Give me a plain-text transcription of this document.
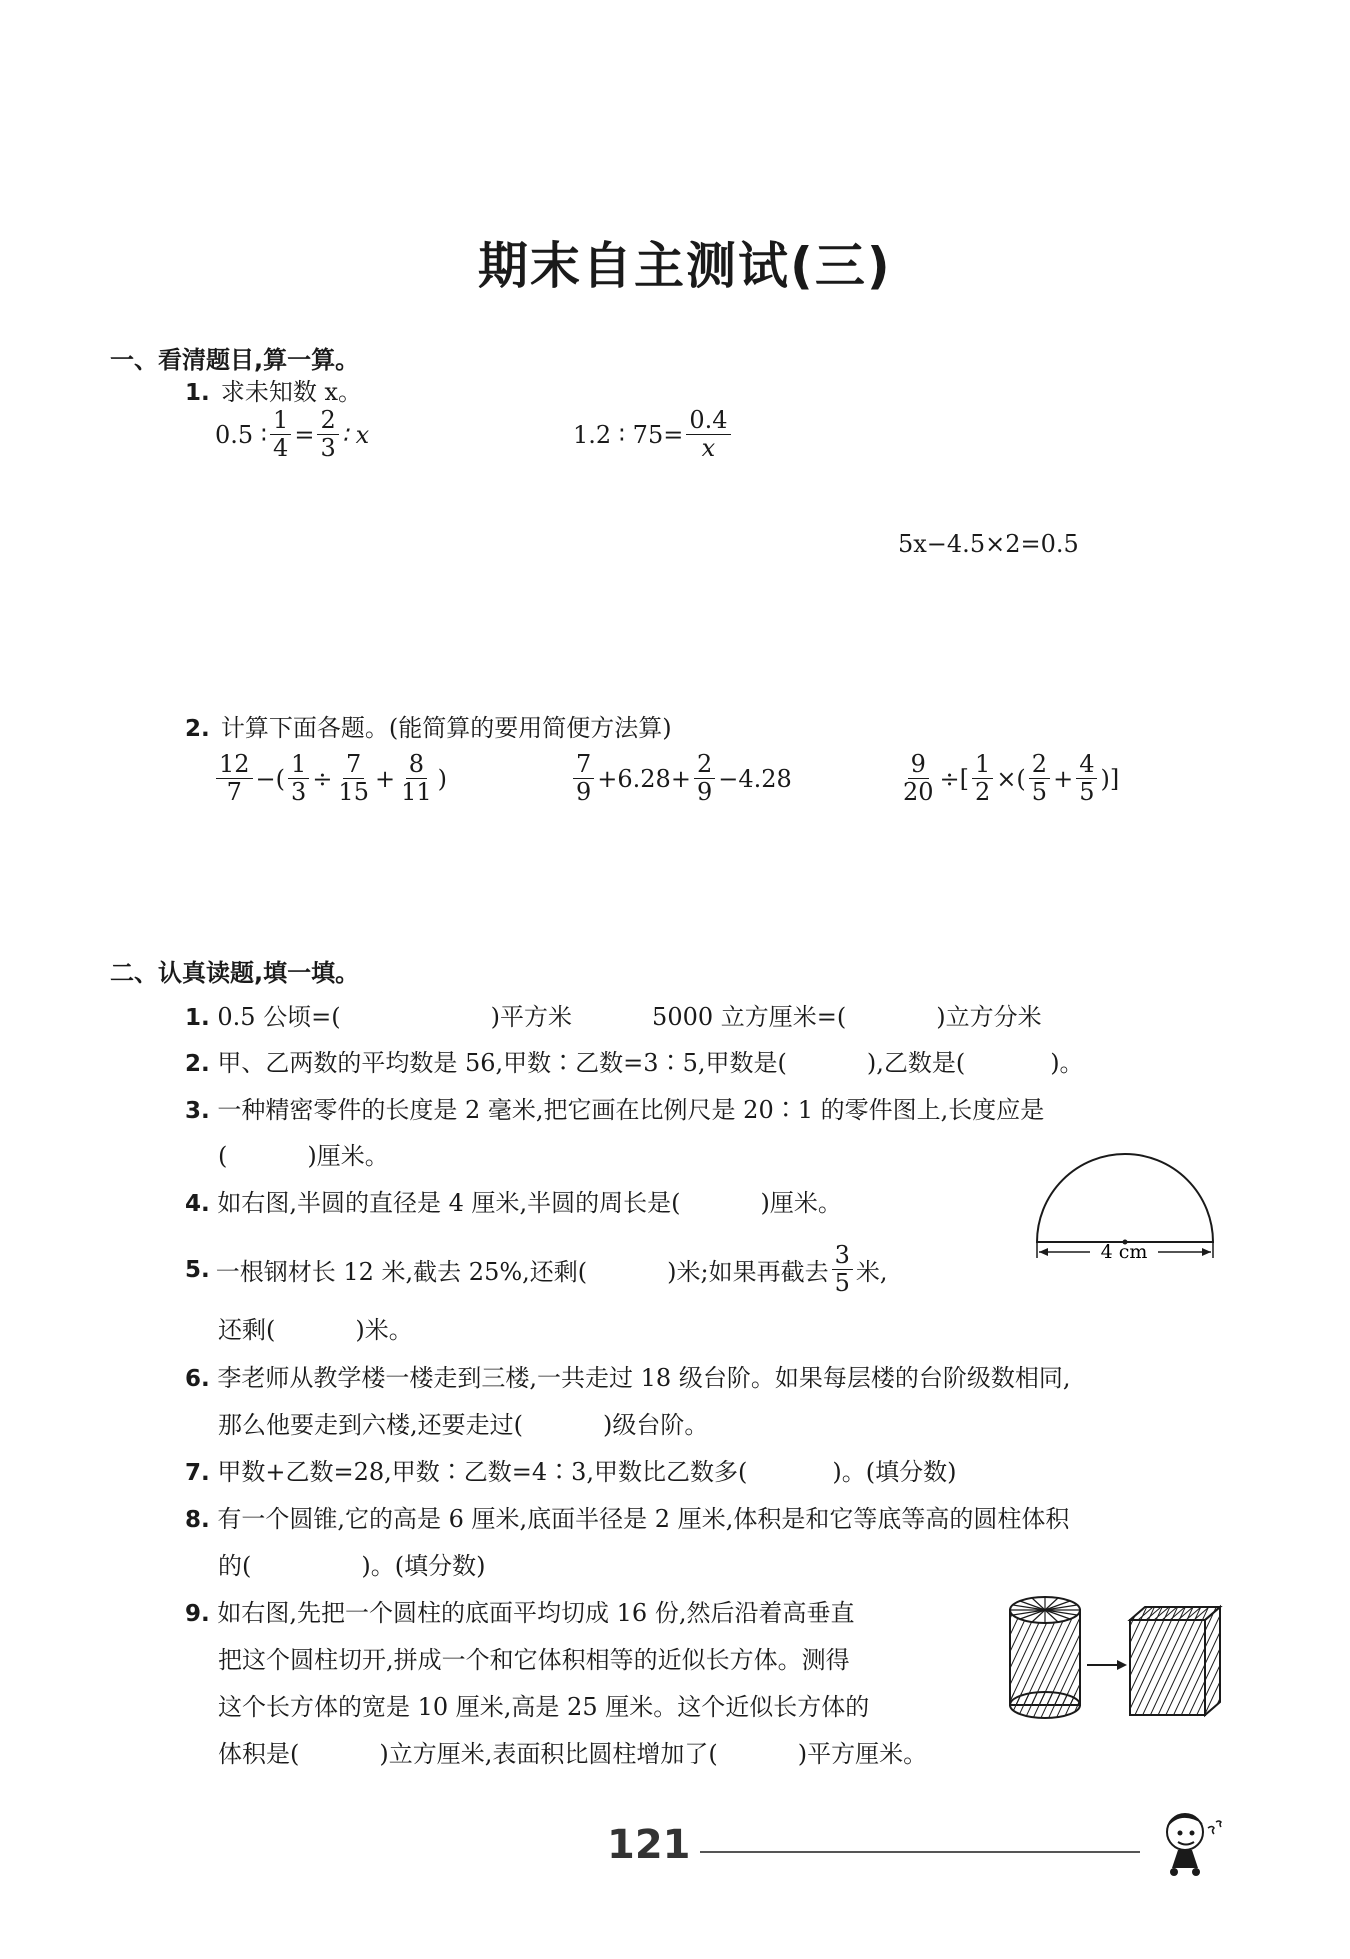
期末自主测试(三)
一、看清题目,算一算。
1. 求未知数 x。
0.5 ∶ $\frac{1}{4} = \frac{2}{3}$ ∶ x	1.2 ∶ $75= \frac{0.4}{x}$
5x−4.5×2=0.5
2. 计算下面各题。(能简算的要用简便方法算)
$\frac{12}{7}$ −( $\frac{1}{3} \div \frac{7}{15} + \frac{8}{11}$ )	$\frac{7}{9} +6.28+ \frac{2}{9} -4.28$	$\frac{9}{20}$ ÷[ $\frac{1}{2}$ ×( $\frac{2}{5} + \frac{4}{5}$ )]
二、认真读题,填一填。
1. 0.5 公顷=(	)平方米	5000 立方厘米=(	)立方分米
2. 甲、乙两数的平均数是 56,甲数∶乙数=3∶5,甲数是(	),乙数是(	)。
3. 一种精密零件的长度是 2 毫米,把它画在比例尺是 20∶1 的零件图上,长度应是
(	)厘米。
4. 如右图,半圆的直径是 4 厘米,半圆的周长是(	)厘米。
4 cm
5. 一根钢材长 12 米,截去 25%,还剩(	)米;如果再截去 $\frac{3}{5}$ 米,
还剩(	)米。
6. 李老师从教学楼一楼走到三楼,一共走过 18 级台阶。如果每层楼的台阶级数相同,
那么他要走到六楼,还要走过(	)级台阶。
7. 甲数+乙数=28,甲数∶乙数=4∶3,甲数比乙数多(	)。(填分数)
8. 有一个圆锥,它的高是 6 厘米,底面半径是 2 厘米,体积是和它等底等高的圆柱体积
的(	)。(填分数)
9. 如右图,先把一个圆柱的底面平均切成 16 份,然后沿着高垂直
把这个圆柱切开,拼成一个和它体积相等的近似长方体。测得
这个长方体的宽是 10 厘米,高是 25 厘米。这个近似长方体的
体积是(	)立方厘米,表面积比圆柱增加了(	)平方厘米。
121
